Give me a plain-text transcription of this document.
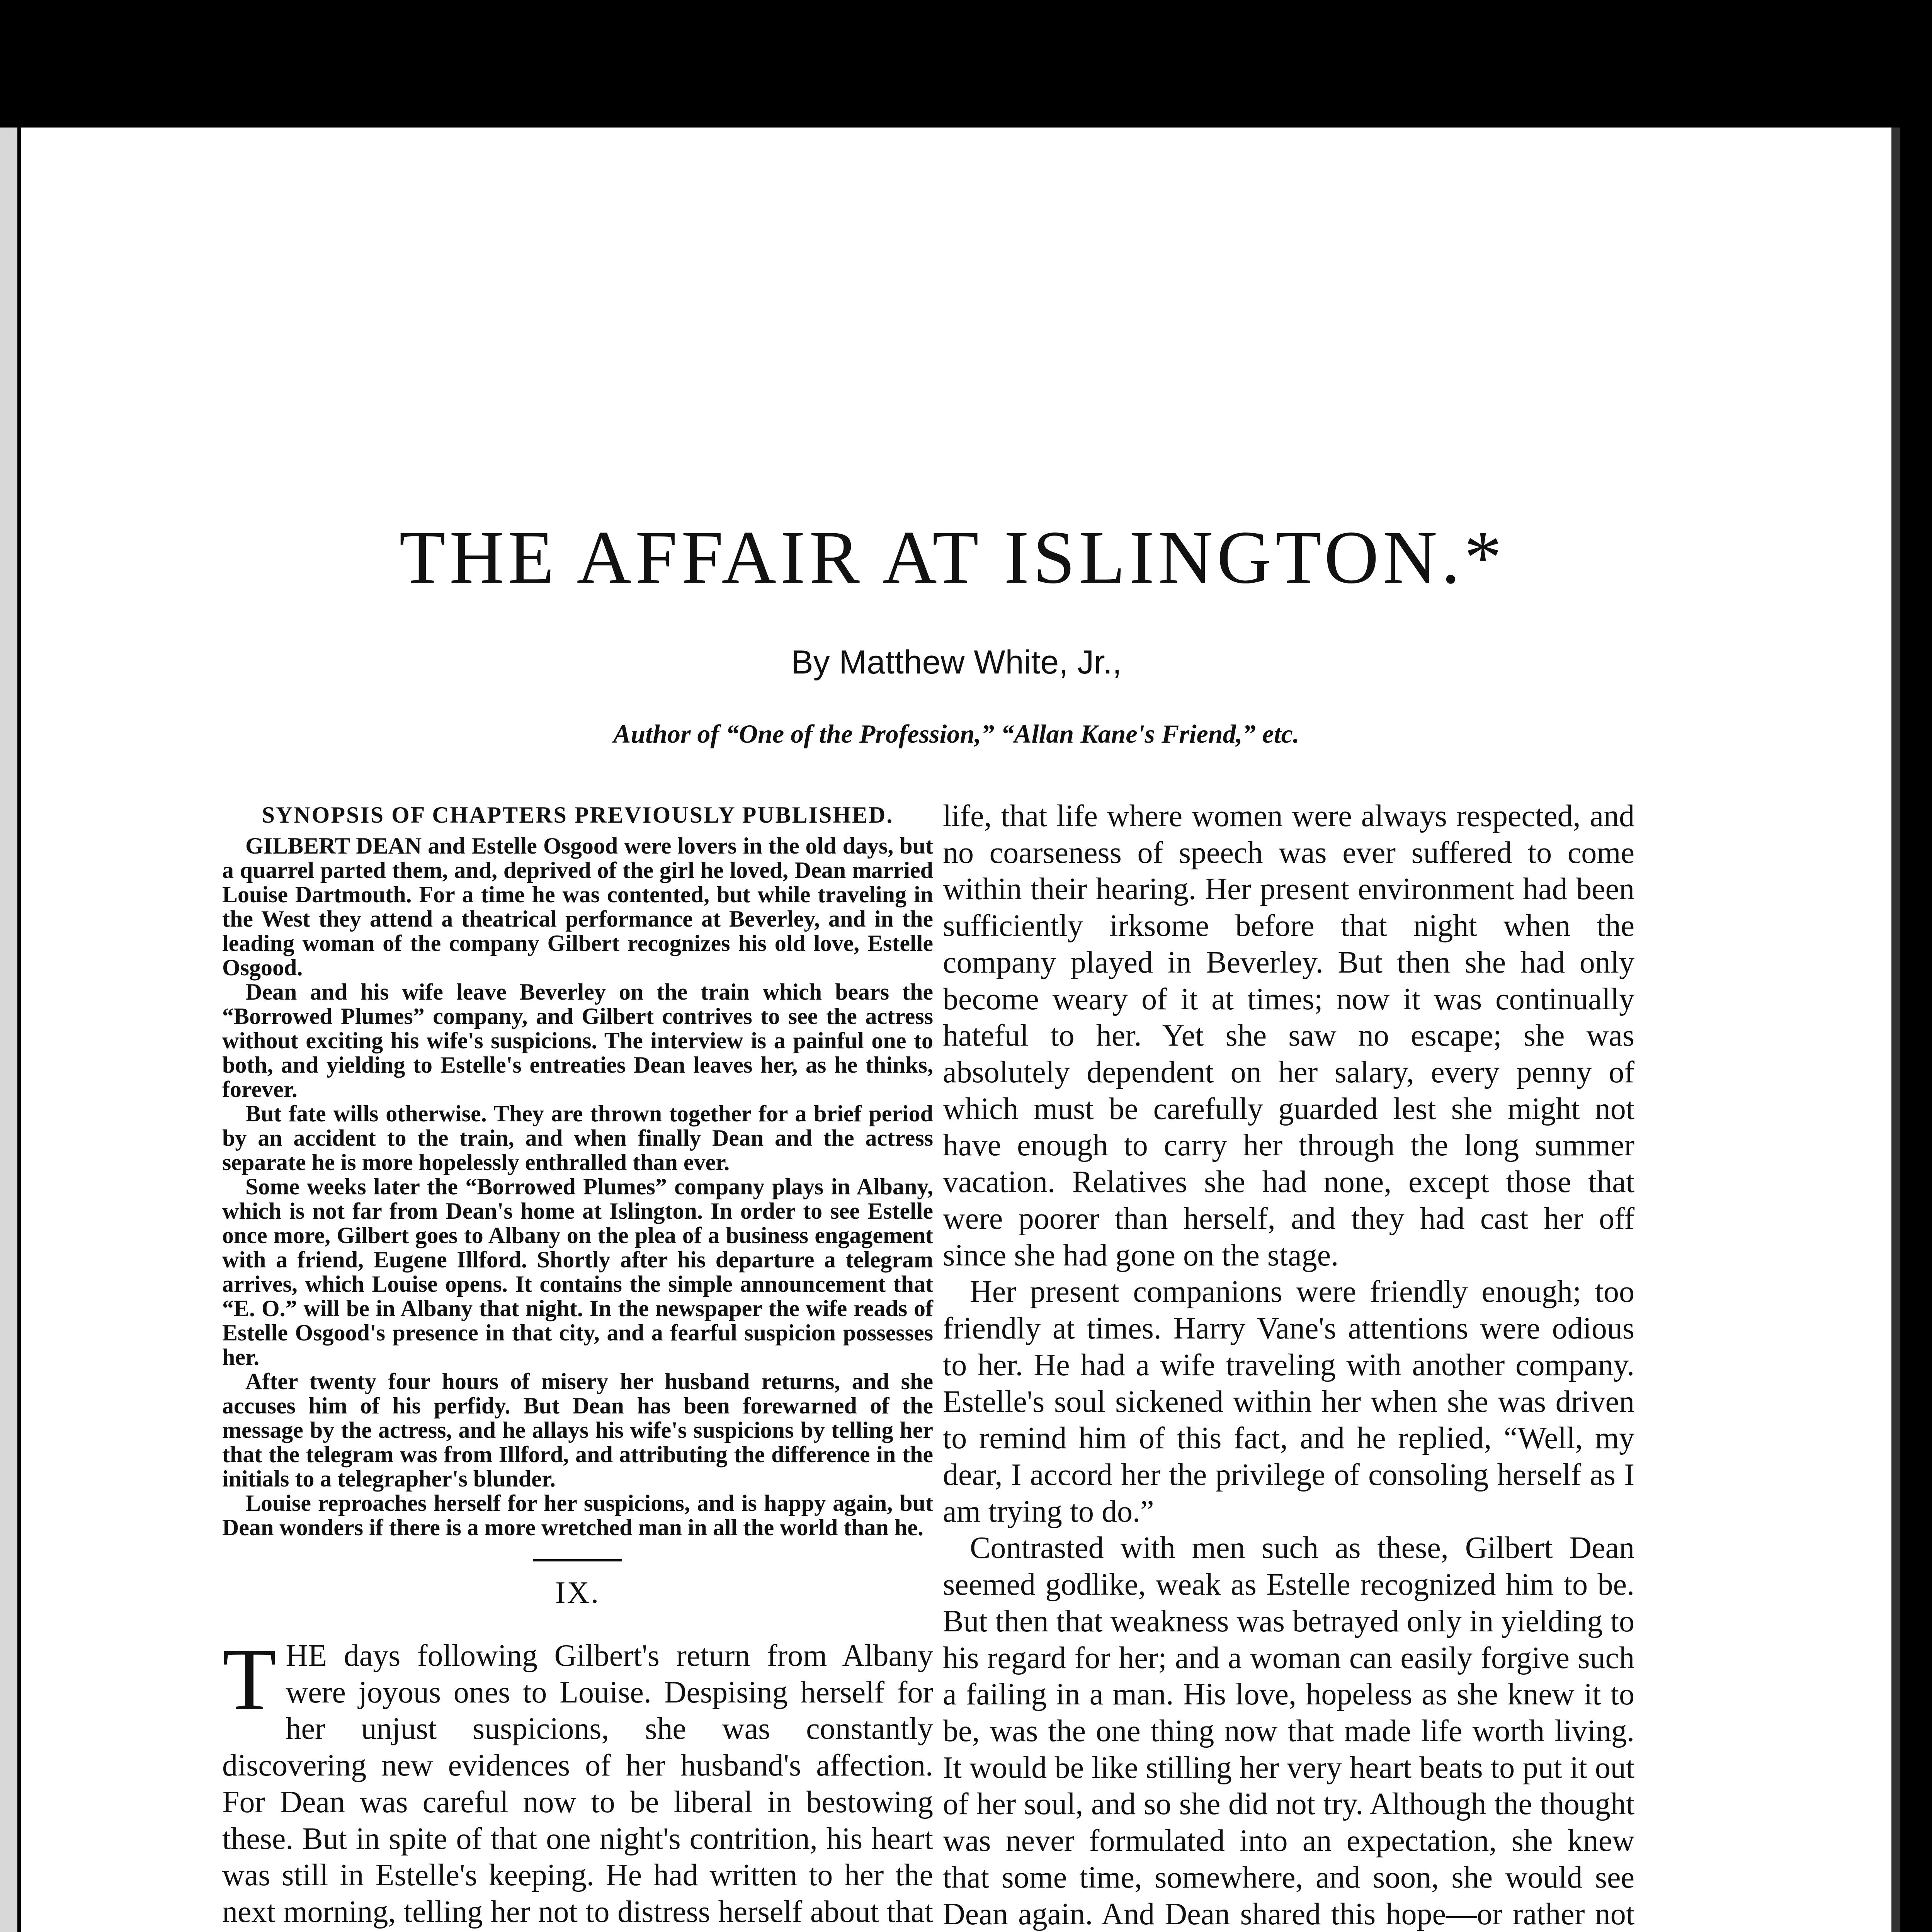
THE AFFAIR AT ISLINGTON.*

By Matthew White, Jr.,

Author of “One of the Profession,” “Allan Kane's Friend,” etc.

SYNOPSIS OF CHAPTERS PREVIOUSLY PUBLISHED.

GILBERT DEAN and Estelle Osgood were lovers in the old days, but a quarrel parted them, and, deprived of the girl he loved, Dean married Louise Dartmouth. For a time he was contented, but while traveling in the West they attend a theatrical performance at Beverley, and in the leading woman of the company Gilbert recognizes his old love, Estelle Osgood.

Dean and his wife leave Beverley on the train which bears the “Borrowed Plumes” company, and Gilbert contrives to see the actress without exciting his wife's suspicions. The interview is a painful one to both, and yielding to Estelle's entreaties Dean leaves her, as he thinks, forever.

But fate wills otherwise. They are thrown together for a brief period by an accident to the train, and when finally Dean and the actress separate he is more hopelessly enthralled than ever.

Some weeks later the “Borrowed Plumes” company plays in Albany, which is not far from Dean's home at Islington. In order to see Estelle once more, Gilbert goes to Albany on the plea of a business engagement with a friend, Eugene Illford. Shortly after his departure a telegram arrives, which Louise opens. It contains the simple announcement that “E. O.” will be in Albany that night. In the newspaper the wife reads of Estelle Osgood's presence in that city, and a fearful suspicion possesses her.

After twenty four hours of misery her husband returns, and she accuses him of his perfidy. But Dean has been forewarned of the message by the actress, and he allays his wife's suspicions by telling her that the telegram was from Illford, and attributing the difference in the initials to a telegrapher's blunder.

Louise reproaches herself for her suspicions, and is happy again, but Dean wonders if there is a more wretched man in all the world than he.

IX.

THE days following Gilbert's return from Albany were joyous ones to Louise. Despising herself for her unjust suspicions, she was constantly discovering new evidences of her husband's affection. For Dean was careful now to be liberal in bestowing these. But in spite of that one night's contrition, his heart was still in Estelle's keeping. He had written to her the next morning, telling her not to distress herself about that

life, that life where women were always respected, and no coarseness of speech was ever suffered to come within their hearing. Her present environment had been sufficiently irksome before that night when the company played in Beverley. But then she had only become weary of it at times; now it was continually hateful to her. Yet she saw no escape; she was absolutely dependent on her salary, every penny of which must be carefully guarded lest she might not have enough to carry her through the long summer vacation. Relatives she had none, except those that were poorer than herself, and they had cast her off since she had gone on the stage.

Her present companions were friendly enough; too friendly at times. Harry Vane's attentions were odious to her. He had a wife traveling with another company. Estelle's soul sickened within her when she was driven to remind him of this fact, and he replied, “Well, my dear, I accord her the privilege of consoling herself as I am trying to do.”

Contrasted with men such as these, Gilbert Dean seemed godlike, weak as Estelle recognized him to be. But then that weakness was betrayed only in yielding to his regard for her; and a woman can easily forgive such a failing in a man. His love, hopeless as she knew it to be, was the one thing now that made life worth living. It would be like stilling her very heart beats to put it out of her soul, and so she did not try. Although the thought was never formulated into an expectation, she knew that some time, somewhere, and soon, she would see Dean again. And Dean shared this hope—or rather not
